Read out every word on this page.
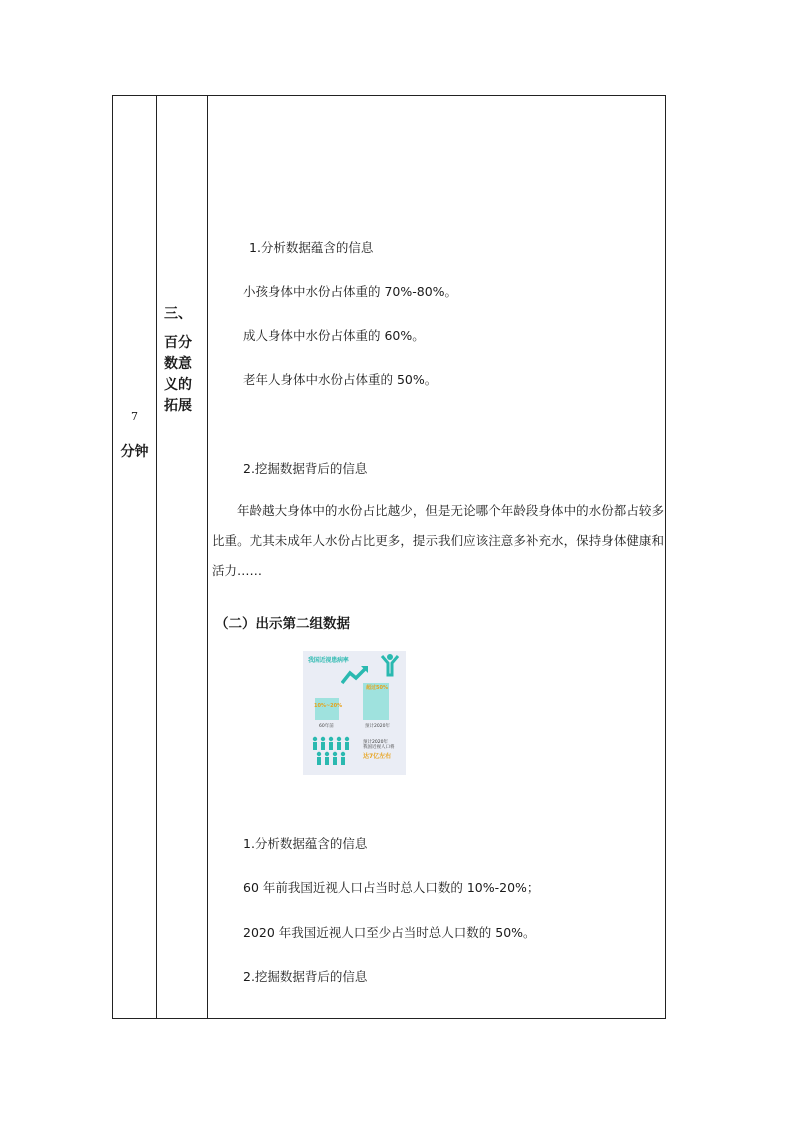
7
分钟
三、
百分数意义的拓展
1.分析数据蕴含的信息
小孩身体中水份占体重的 70%-80%。
成人身体中水份占体重的 60%。
老年人身体中水份占体重的 50%。
2.挖掘数据背后的信息
年龄越大身体中的水份占比越少，但是无论哪个年龄段身体中的水份都占较多比重。尤其未成年人水份占比更多，提示我们应该注意多补充水，保持身体健康和活力……
（二）出示第二组数据
我国近视患病率
10%~20%
超过50%
60年前	预计2020年
预计2020年
我国近视人口将
达7亿左右
1.分析数据蕴含的信息
60 年前我国近视人口占当时总人口数的 10%-20%；
2020 年我国近视人口至少占当时总人口数的 50%。
2.挖掘数据背后的信息
